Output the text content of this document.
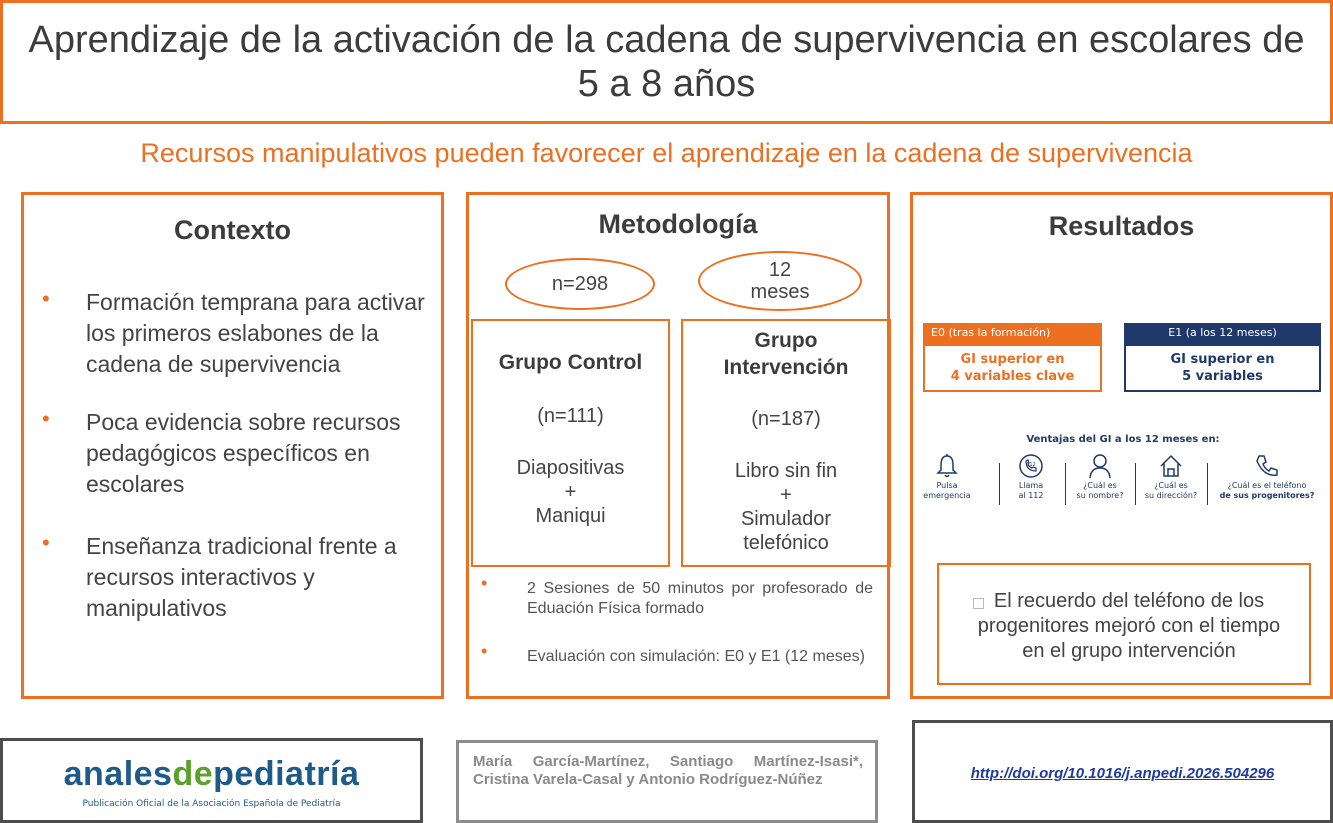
Aprendizaje de la activación de la cadena de supervivencia en escolares de 5 a 8 años
Recursos manipulativos pueden favorecer el aprendizaje en la cadena de supervivencia
Contexto
• Formación temprana para activar los primeros eslabones de la cadena de supervivencia
• Poca evidencia sobre recursos pedagógicos específicos en escolares
• Enseñanza tradicional frente a recursos interactivos y manipulativos
Metodología
n=298
12
meses
Grupo Control
(n=111)
Diapositivas
+
Maniqui
Grupo
Intervención
(n=187)
Libro sin fin
+
Simulador
telefónico
• 2 Sesiones de 50 minutos por profesorado de Eduación Física formado
• Evaluación con simulación: E0 y E1 (12 meses)
Resultados
E0 (tras la formación)
GI superior en
4 variables clave
E1 (a los 12 meses)
GI superior en
5 variables
Ventajas del GI a los 12 meses en:
Pulsa
emergencia
112
Llama
al 112
¿Cuál es
su nombre?
¿Cuál es
su dirección?
¿Cuál es el teléfono
de sus progenitores?
El recuerdo del teléfono de los progenitores mejoró con el tiempo en el grupo intervención
analesdepediatría
Publicación Oficial de la Asociación Española de Pediatría
María García-Martínez, Santiago Martínez-Isasi*, Cristina Varela-Casal y Antonio Rodríguez-Núñez	http://doi.org/10.1016/j.anpedi.2026.504296
